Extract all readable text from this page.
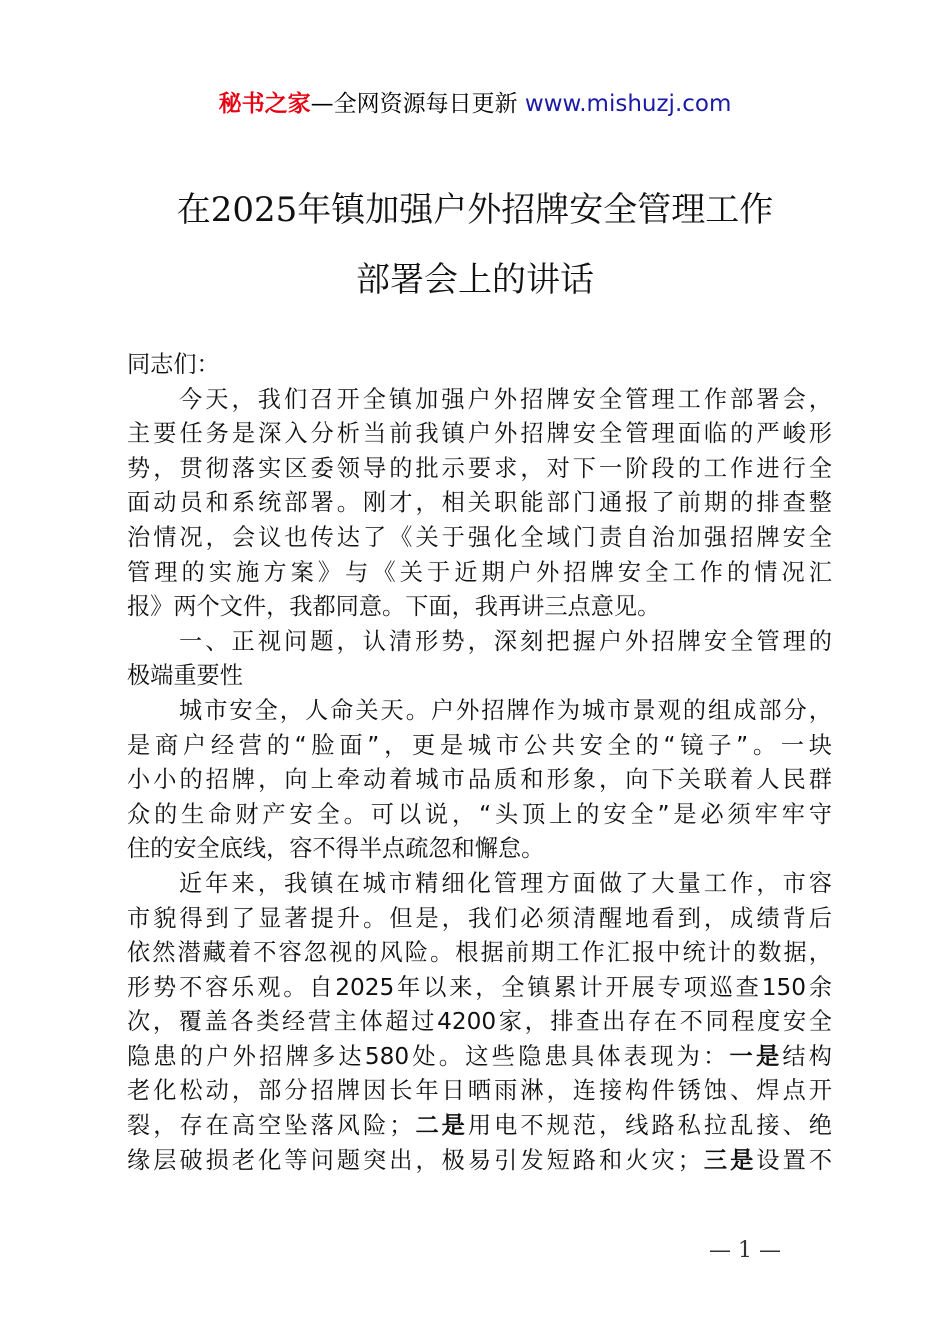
秘书之家—全网资源每日更新 www.mishuzj.com
在2025年镇加强户外招牌安全管理工作
部署会上的讲话
同志们：
今天，我们召开全镇加强户外招牌安全管理工作部署会，
主要任务是深入分析当前我镇户外招牌安全管理面临的严峻形
势，贯彻落实区委领导的批示要求，对下一阶段的工作进行全
面动员和系统部署。刚才，相关职能部门通报了前期的排查整
治情况，会议也传达了《关于强化全域门责自治加强招牌安全
管理的实施方案》与《关于近期户外招牌安全工作的情况汇
报》两个文件，我都同意。下面，我再讲三点意见。
一、正视问题，认清形势，深刻把握户外招牌安全管理的
极端重要性
城市安全，人命关天。户外招牌作为城市景观的组成部分，
是商户经营的“脸面”，更是城市公共安全的“镜子”。一块
小小的招牌，向上牵动着城市品质和形象，向下关联着人民群
众的生命财产安全。可以说，“头顶上的安全”是必须牢牢守
住的安全底线，容不得半点疏忽和懈怠。
近年来，我镇在城市精细化管理方面做了大量工作，市容
市貌得到了显著提升。但是，我们必须清醒地看到，成绩背后
依然潜藏着不容忽视的风险。根据前期工作汇报中统计的数据，
形势不容乐观。自2025年以来，全镇累计开展专项巡查150余
次，覆盖各类经营主体超过4200家，排查出存在不同程度安全
隐患的户外招牌多达580处。这些隐患具体表现为：一是结构
老化松动，部分招牌因长年日晒雨淋，连接构件锈蚀、焊点开
裂，存在高空坠落风险；二是用电不规范，线路私拉乱接、绝
缘层破损老化等问题突出，极易引发短路和火灾；三是设置不
— 1 —
